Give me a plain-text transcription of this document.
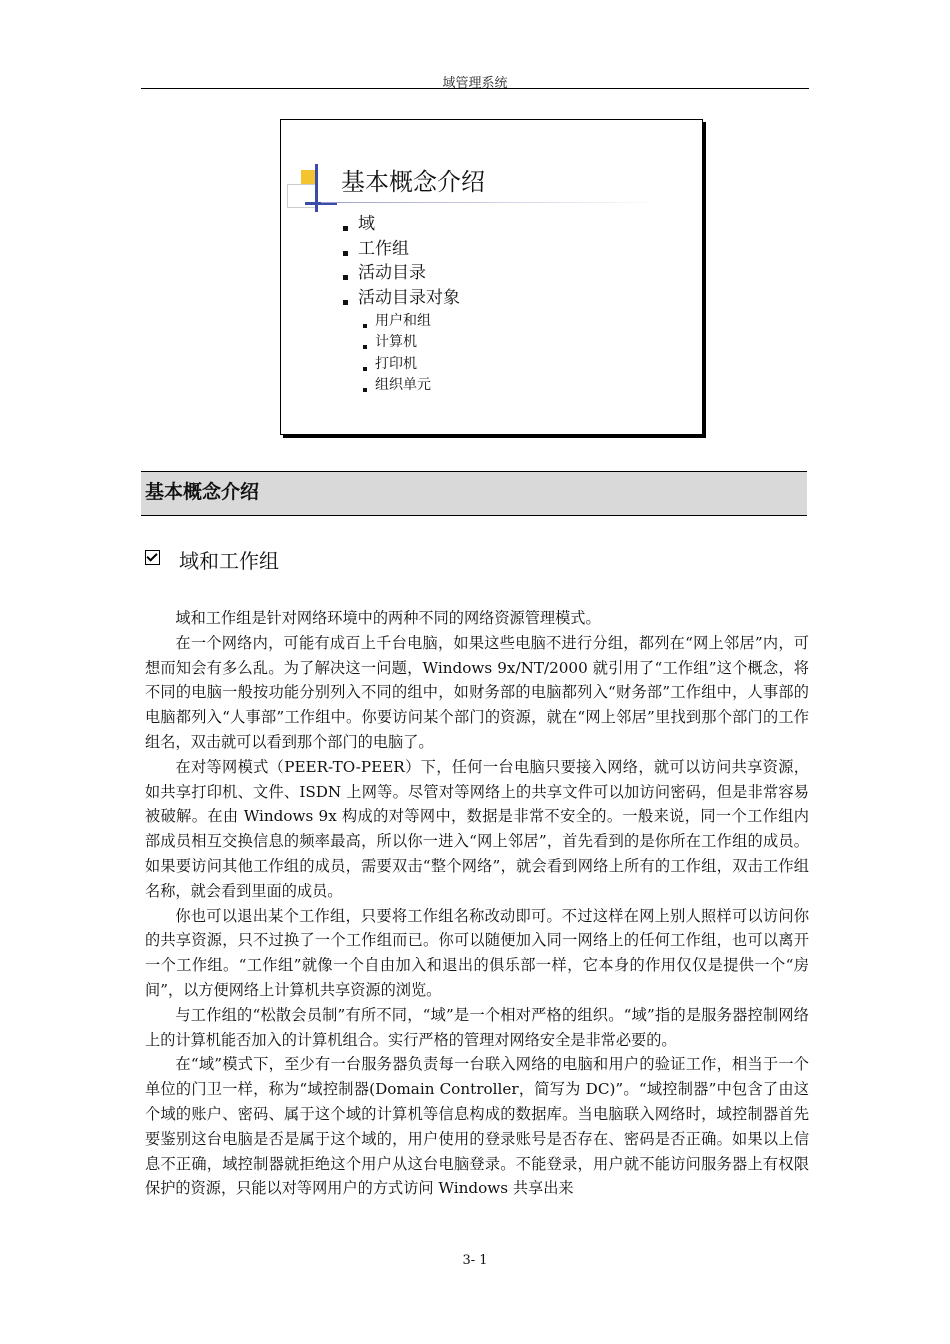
域管理系统
基本概念介绍
域
工作组
活动目录
活动目录对象
用户和组
计算机
打印机
组织单元
基本概念介绍
域和工作组

域和工作组是针对网络环境中的两种不同的网络资源管理模式。

在一个网络内，可能有成百上千台电脑，如果这些电脑不进行分组，都列在“网上邻居”内，可想而知会有多么乱。为了解决这一问题，Windows 9x/NT/2000 就引用了“工作组”这个概念，将不同的电脑一般按功能分别列入不同的组中，如财务部的电脑都列入“财务部”工作组中，人事部的电脑都列入“人事部”工作组中。你要访问某个部门的资源，就在“网上邻居”里找到那个部门的工作组名，双击就可以看到那个部门的电脑了。

在对等网模式（PEER-TO-PEER）下，任何一台电脑只要接入网络，就可以访问共享资源，如共享打印机、文件、ISDN 上网等。尽管对等网络上的共享文件可以加访问密码，但是非常容易被破解。在由 Windows 9x 构成的对等网中，数据是非常不安全的。一般来说，同一个工作组内部成员相互交换信息的频率最高，所以你一进入“网上邻居”，首先看到的是你所在工作组的成员。如果要访问其他工作组的成员，需要双击“整个网络”，就会看到网络上所有的工作组，双击工作组名称，就会看到里面的成员。

你也可以退出某个工作组，只要将工作组名称改动即可。不过这样在网上别人照样可以访问你的共享资源，只不过换了一个工作组而已。你可以随便加入同一网络上的任何工作组，也可以离开一个工作组。“工作组”就像一个自由加入和退出的俱乐部一样，它本身的作用仅仅是提供一个“房间”，以方便网络上计算机共享资源的浏览。

与工作组的“松散会员制”有所不同，“域”是一个相对严格的组织。“域”指的是服务器控制网络上的计算机能否加入的计算机组合。实行严格的管理对网络安全是非常必要的。

在“域”模式下，至少有一台服务器负责每一台联入网络的电脑和用户的验证工作，相当于一个单位的门卫一样，称为“域控制器(Domain Controller，简写为 DC)”。“域控制器”中包含了由这个域的账户、密码、属于这个域的计算机等信息构成的数据库。当电脑联入网络时，域控制器首先要鉴别这台电脑是否是属于这个域的，用户使用的登录账号是否存在、密码是否正确。如果以上信息不正确，域控制器就拒绝这个用户从这台电脑登录。不能登录，用户就不能访问服务器上有权限保护的资源，只能以对等网用户的方式访问 Windows 共享出来

3- 1
